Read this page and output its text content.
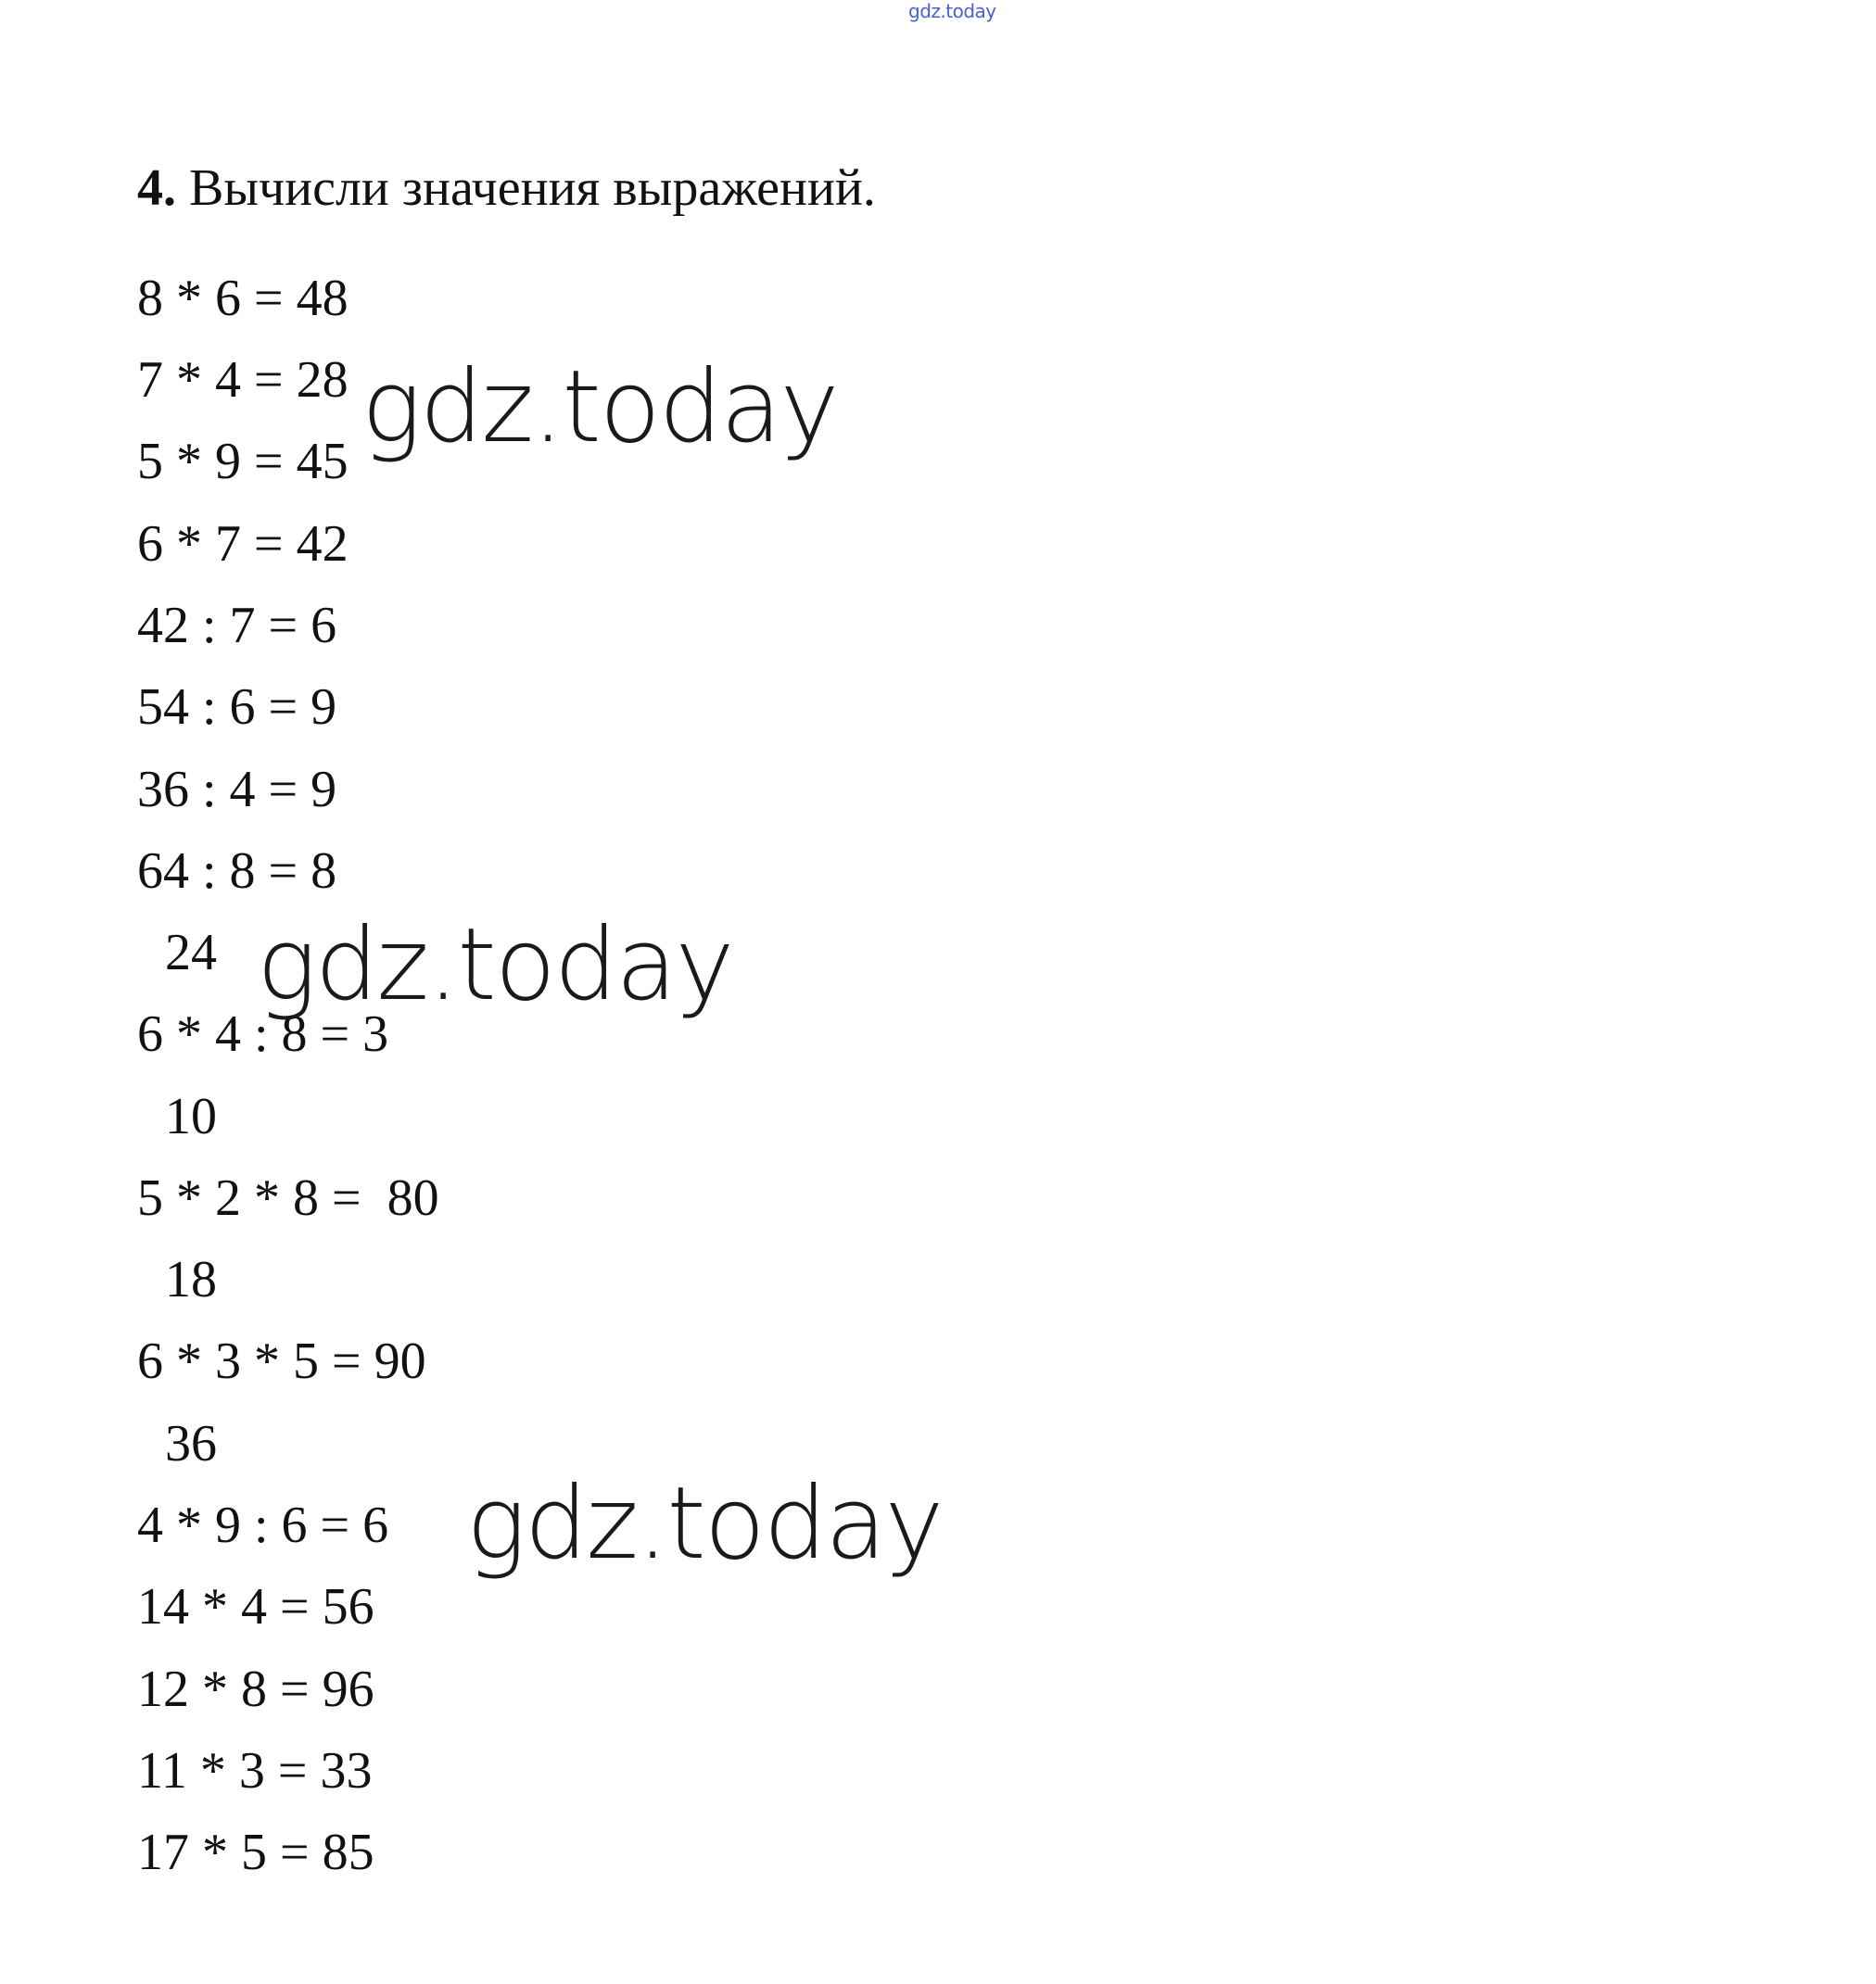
gdz.today
4. Вычисли значения выражений.
8 * 6 = 48
7 * 4 = 28
5 * 9 = 45
6 * 7 = 42
42 : 7 = 6
54 : 6 = 9
36 : 4 = 9
64 : 8 = 8
24
6 * 4 : 8 = 3
10
5 * 2 * 8 =  80
18
6 * 3 * 5 = 90
36
4 * 9 : 6 = 6
14 * 4 = 56
12 * 8 = 96
11 * 3 = 33
17 * 5 = 85
gdz.today
gdz.today
gdz.today
